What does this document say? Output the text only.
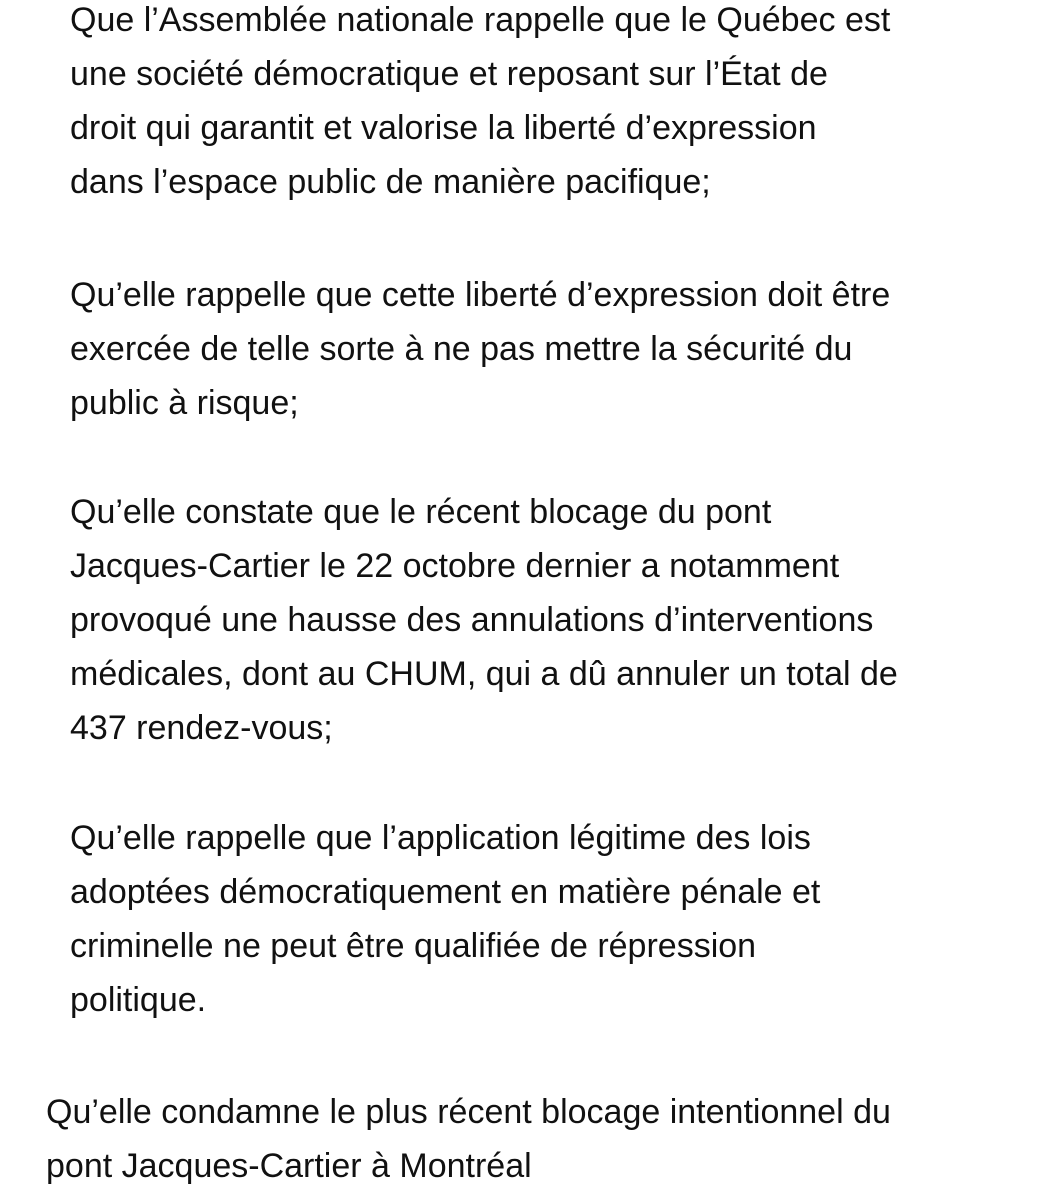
Que l’Assemblée nationale rappelle que le Québec est
une société démocratique et reposant sur l’État de
droit qui garantit et valorise la liberté d’expression
dans l’espace public de manière pacifique;

Qu’elle rappelle que cette liberté d’expression doit être
exercée de telle sorte à ne pas mettre la sécurité du
public à risque;

Qu’elle constate que le récent blocage du pont
Jacques-Cartier le 22 octobre dernier a notamment
provoqué une hausse des annulations d’interventions
médicales, dont au CHUM, qui a dû annuler un total de
437 rendez-vous;

Qu’elle rappelle que l’application légitime des lois
adoptées démocratiquement en matière pénale et
criminelle ne peut être qualifiée de répression
politique.

Qu’elle condamne le plus récent blocage intentionnel du
pont Jacques-Cartier à Montréal
